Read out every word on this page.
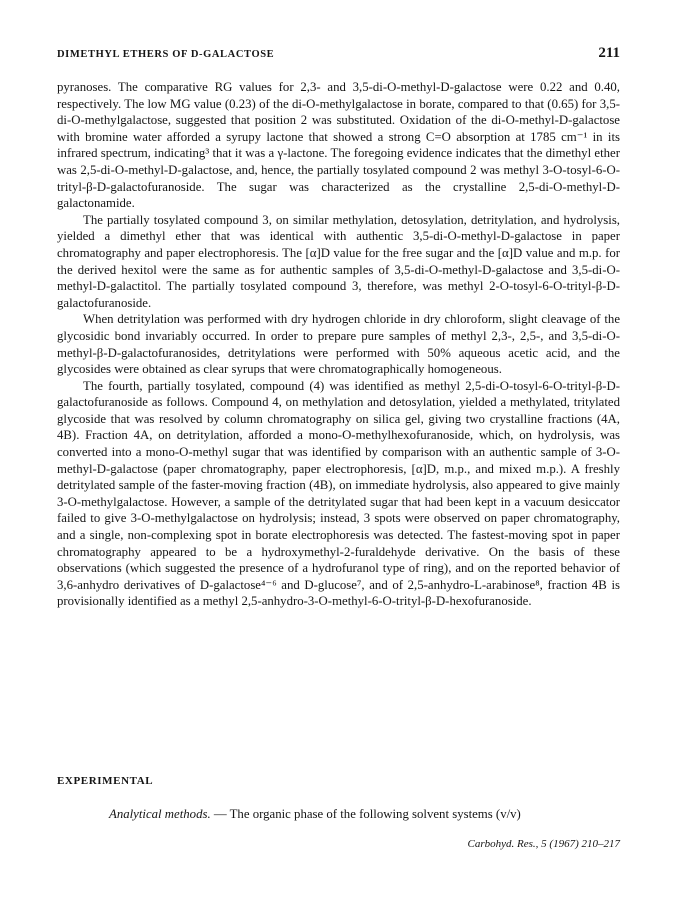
DIMETHYL ETHERS OF D-GALACTOSE	211

pyranoses. The comparative RG values for 2,3- and 3,5-di-O-methyl-D-galactose were 0.22 and 0.40, respectively. The low MG value (0.23) of the di-O-methylgalactose in borate, compared to that (0.65) for 3,5-di-O-methylgalactose, suggested that position 2 was substituted. Oxidation of the di-O-methyl-D-galactose with bromine water afforded a syrupy lactone that showed a strong C=O absorption at 1785 cm⁻¹ in its infrared spectrum, indicating³ that it was a γ-lactone. The foregoing evidence indicates that the dimethyl ether was 2,5-di-O-methyl-D-galactose, and, hence, the partially tosylated compound 2 was methyl 3-O-tosyl-6-O-trityl-β-D-galactofuranoside. The sugar was characterized as the crystalline 2,5-di-O-methyl-D-galactonamide.

The partially tosylated compound 3, on similar methylation, detosylation, detritylation, and hydrolysis, yielded a dimethyl ether that was identical with authentic 3,5-di-O-methyl-D-galactose in paper chromatography and paper electrophoresis. The [α]D value for the free sugar and the [α]D value and m.p. for the derived hexitol were the same as for authentic samples of 3,5-di-O-methyl-D-galactose and 3,5-di-O-methyl-D-galactitol. The partially tosylated compound 3, therefore, was methyl 2-O-tosyl-6-O-trityl-β-D-galactofuranoside.

When detritylation was performed with dry hydrogen chloride in dry chloroform, slight cleavage of the glycosidic bond invariably occurred. In order to prepare pure samples of methyl 2,3-, 2,5-, and 3,5-di-O-methyl-β-D-galactofuranosides, detritylations were performed with 50% aqueous acetic acid, and the glycosides were obtained as clear syrups that were chromatographically homogeneous.

The fourth, partially tosylated, compound (4) was identified as methyl 2,5-di-O-tosyl-6-O-trityl-β-D-galactofuranoside as follows. Compound 4, on methylation and detosylation, yielded a methylated, tritylated glycoside that was resolved by column chromatography on silica gel, giving two crystalline fractions (4A, 4B). Fraction 4A, on detritylation, afforded a mono-O-methylhexofuranoside, which, on hydrolysis, was converted into a mono-O-methyl sugar that was identified by comparison with an authentic sample of 3-O-methyl-D-galactose (paper chromatography, paper electrophoresis, [α]D, m.p., and mixed m.p.). A freshly detritylated sample of the faster-moving fraction (4B), on immediate hydrolysis, also appeared to give mainly 3-O-methylgalactose. However, a sample of the detritylated sugar that had been kept in a vacuum desiccator failed to give 3-O-methylgalactose on hydrolysis; instead, 3 spots were observed on paper chromatography, and a single, non-complexing spot in borate electrophoresis was detected. The fastest-moving spot in paper chromatography appeared to be a hydroxymethyl-2-furaldehyde derivative. On the basis of these observations (which suggested the presence of a hydrofuranol type of ring), and on the reported behavior of 3,6-anhydro derivatives of D-galactose⁴⁻⁶ and D-glucose⁷, and of 2,5-anhydro-L-arabinose⁸, fraction 4B is provisionally identified as a methyl 2,5-anhydro-3-O-methyl-6-O-trityl-β-D-hexofuranoside.

EXPERIMENTAL
Analytical methods. — The organic phase of the following solvent systems (v/v)
Carbohyd. Res., 5 (1967) 210–217
